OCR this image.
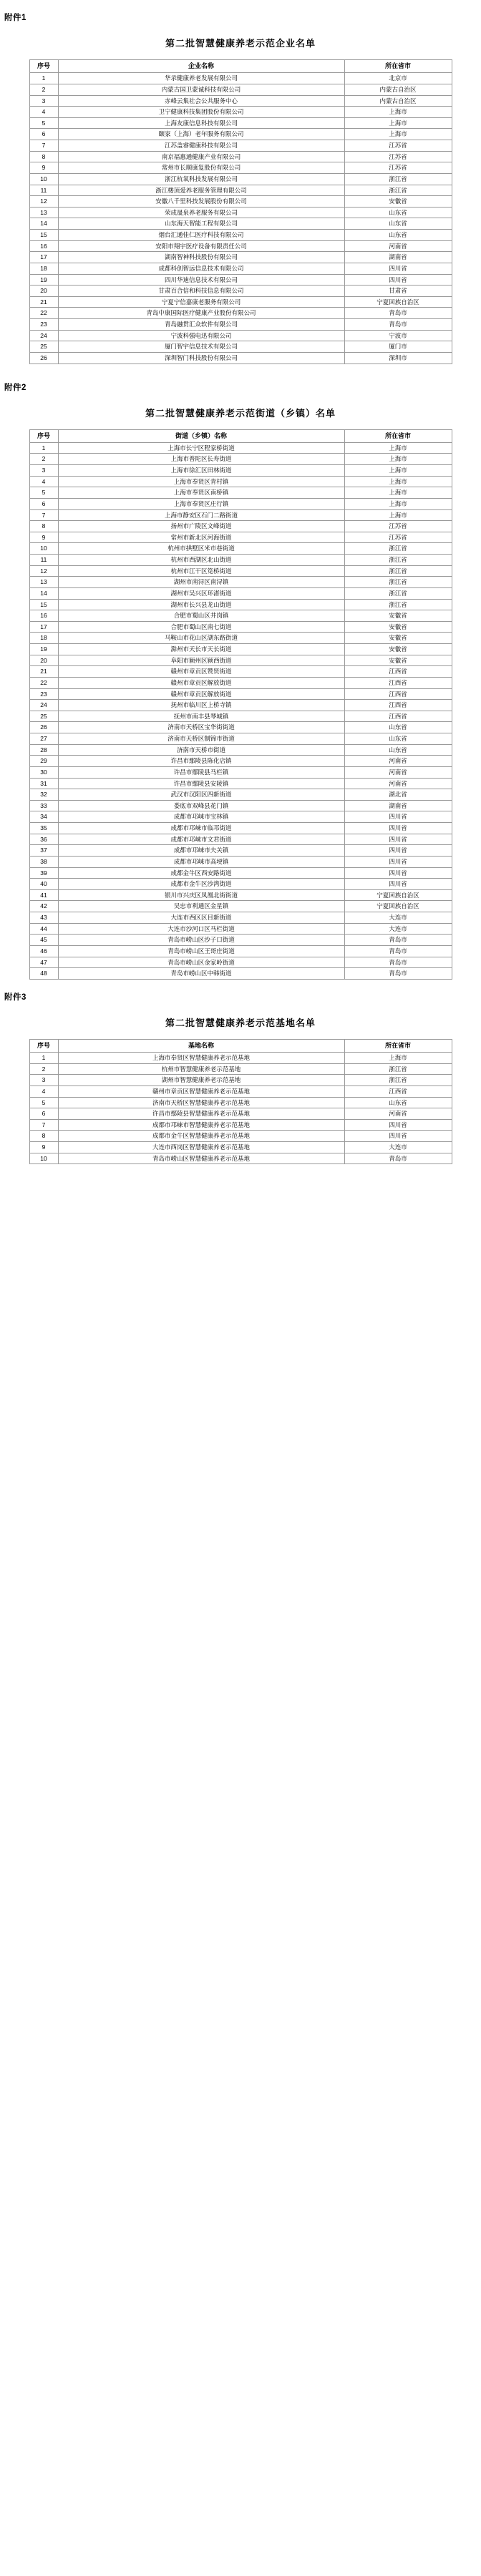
附件1
第二批智慧健康养老示范企业名单
序号	企业名称	所在省市
1	华录健康养老发展有限公司	北京市
2	内蒙古国卫蒙诚科技有限公司	内蒙古自治区
3	赤峰云集社会公共服务中心	内蒙古自治区
4	卫宁健康科技集团股份有限公司	上海市
5	上海友康信息科技有限公司	上海市
6	颐家（上海）老年服务有限公司	上海市
7	江苏盖睿健康科技有限公司	江苏省
8	南京福惠通健康产业有限公司	江苏省
9	常州市长顺康复股份有限公司	江苏省
10	浙江杭氧科技发展有限公司	浙江省
11	浙江楼顶爱养老服务管理有限公司	浙江省
12	安徽八千里科技发展股份有限公司	安徽省
13	荣成晟泉养老服务有限公司	山东省
14	山东海天智能工程有限公司	山东省
15	烟台汇通佳仁医疗科技有限公司	山东省
16	安阳市翔宇医疗设备有限责任公司	河南省
17	湖南智神科技股份有限公司	湖南省
18	成都科创智远信息技术有限公司	四川省
19	四川华迪信息技术有限公司	四川省
20	甘肃百合信和科技信息有限公司	甘肃省
21	宁夏宁信嘉康老服务有限公司	宁夏回族自治区
22	青岛中康国际医疗健康产业股份有限公司	青岛市
23	青岛融贯汇众软件有限公司	青岛市
24	宁波科强电迅有限公司	宁波市
25	厦门智宇信息技术有限公司	厦门市
26	深圳智门科技股份有限公司	深圳市
附件2
第二批智慧健康养老示范街道（乡镇）名单
序号	街道（乡镇）名称	所在省市
1	上海市长宁区程家桥街道	上海市
2	上海市普陀区长寿街道	上海市
3	上海市徐汇区田林街道	上海市
4	上海市奉贤区青村镇	上海市
5	上海市奉贤区南桥镇	上海市
6	上海市奉贤区庄行镇	上海市
7	上海市静安区石门二路街道	上海市
8	扬州市广陵区文峰街道	江苏省
9	常州市新北区河海街道	江苏省
10	杭州市拱墅区米市巷街道	浙江省
11	杭州市西湖区北山街道	浙江省
12	杭州市江干区笕桥街道	浙江省
13	湖州市南浔区南浔镇	浙江省
14	湖州市吴兴区环渚街道	浙江省
15	湖州市长兴县龙山街道	浙江省
16	合肥市蜀山区井岗镇	安徽省
17	合肥市蜀山区南七街道	安徽省
18	马鞍山市花山区湖东路街道	安徽省
19	滁州市天长市天长街道	安徽省
20	阜阳市颍州区颍西街道	安徽省
21	赣州市章贡区赞贤街道	江西省
22	赣州市章贡区解放街道	江西省
23	赣州市章贡区解放街道	江西省
24	抚州市临川区上桥寺镇	江西省
25	抚州市南丰县琴城镇	江西省
26	济南市天桥区宝华街街道	山东省
27	济南市天桥区制锦市街道	山东省
28	济南市天桥市街道	山东省
29	许昌市鄢陵县陈化店镇	河南省
30	许昌市鄢陵县马栏镇	河南省
31	许昌市鄢陵县安陵镇	河南省
32	武汉市汉阳区四新街道	湖北省
33	娄底市双峰县花门镇	湖南省
34	成都市邛崃市宝林镇	四川省
35	成都市邛崃市临邛街道	四川省
36	成都市邛崃市文君街道	四川省
37	成都市邛崃市夫关镇	四川省
38	成都市邛崃市高埂镇	四川省
39	成都金牛区西安路街道	四川省
40	成都市金牛区沙湾街道	四川省
41	银川市兴庆区凤凰北街街道	宁夏回族自治区
42	吴忠市利通区金星镇	宁夏回族自治区
43	大连市西区区目新街道	大连市
44	大连市沙河口区马栏街道	大连市
45	青岛市崂山区沙子口街道	青岛市
46	青岛市崂山区王哥庄街道	青岛市
47	青岛市崂山区金家岭街道	青岛市
48	青岛市崂山区中韩街道	青岛市
附件3
第二批智慧健康养老示范基地名单
序号	基地名称	所在省市
1	上海市奉贤区智慧健康养老示范基地	上海市
2	杭州市智慧健康养老示范基地	浙江省
3	湖州市智慧健康养老示范基地	浙江省
4	赣州市章贡区智慧健康养老示范基地	江西省
5	济南市天桥区智慧健康养老示范基地	山东省
6	许昌市鄢陵县智慧健康养老示范基地	河南省
7	成都市邛崃市智慧健康养老示范基地	四川省
8	成都市金牛区智慧健康养老示范基地	四川省
9	大连市西岗区智慧健康养老示范基地	大连市
10	青岛市崂山区智慧健康养老示范基地	青岛市
